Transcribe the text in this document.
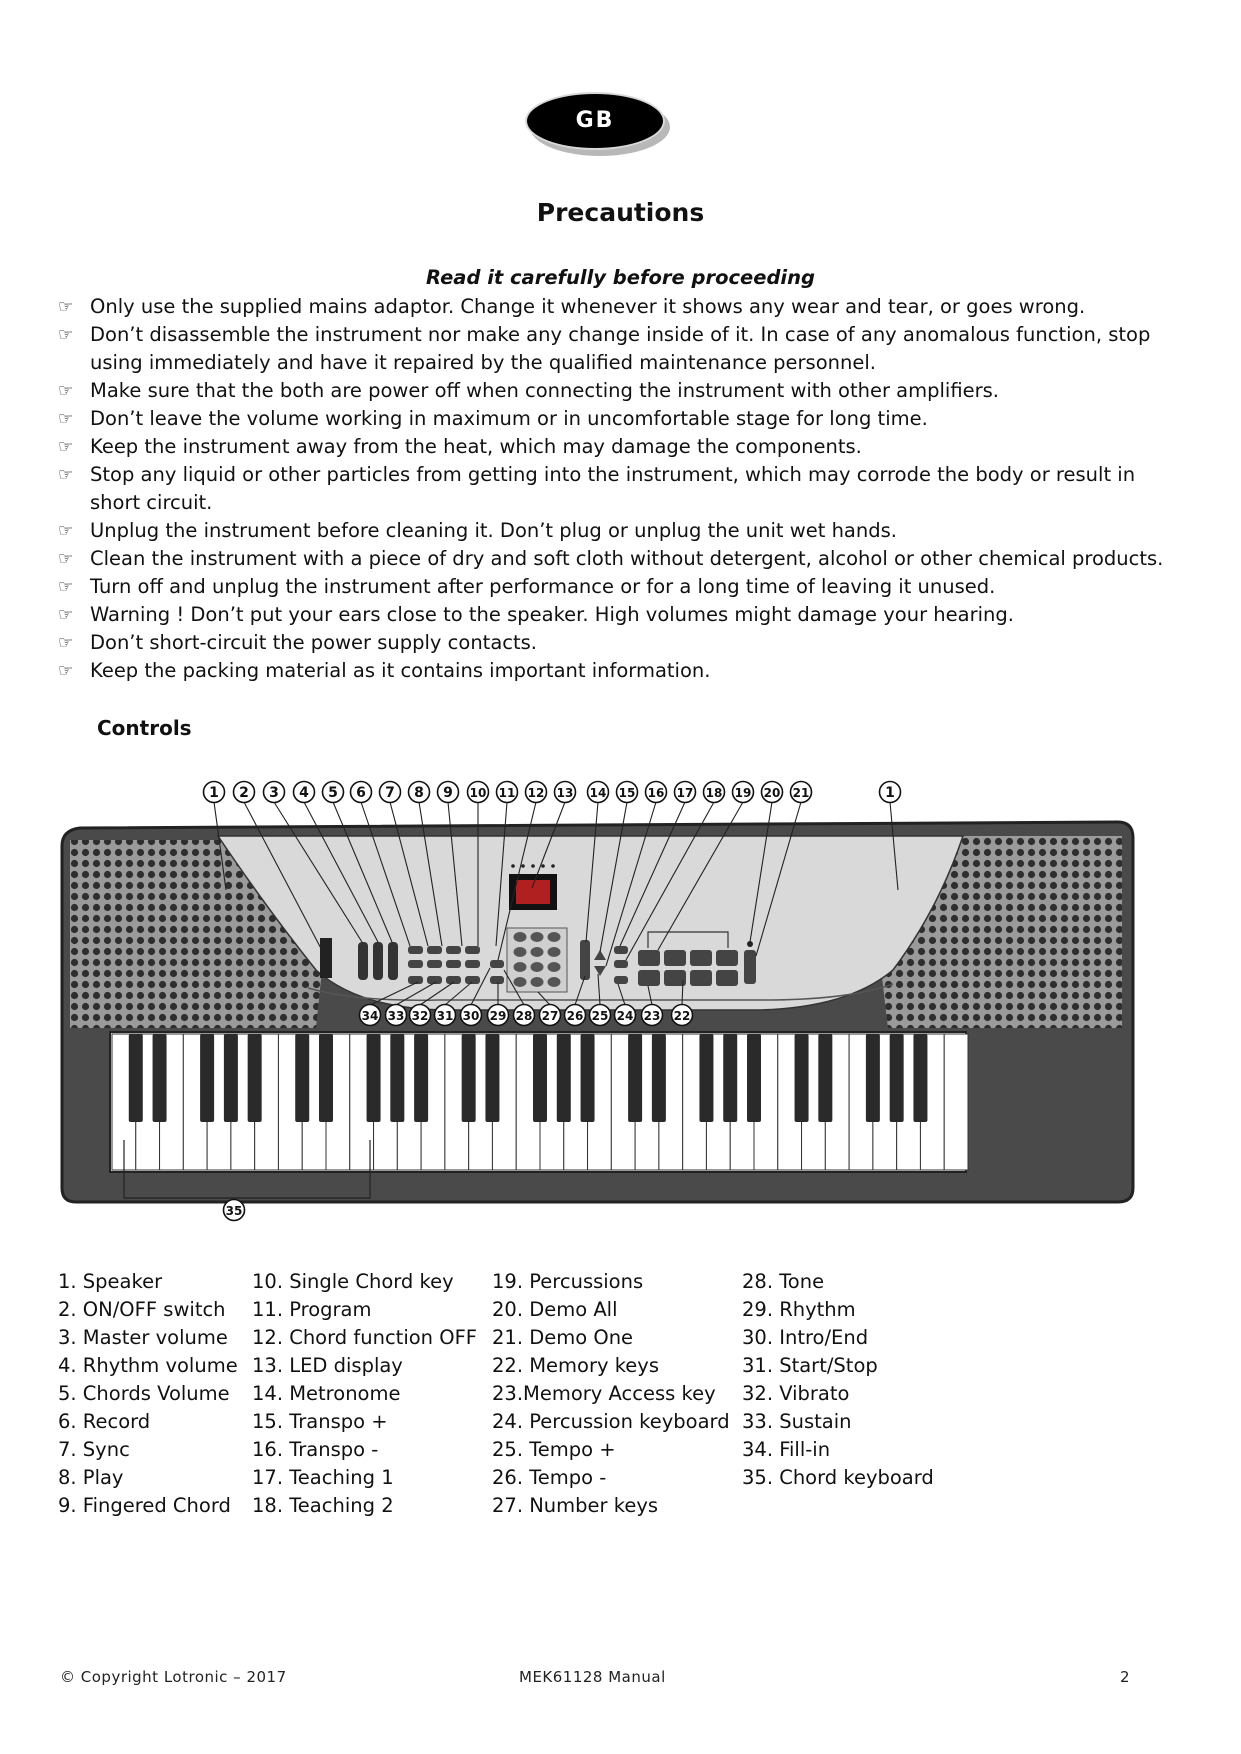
GB
Precautions
Read it carefully before proceeding
☞ Only use the supplied mains adaptor. Change it whenever it shows any wear and tear, or goes wrong.
☞ Don’t disassemble the instrument nor make any change inside of it. In case of any anomalous function, stop using immediately and have it repaired by the qualified maintenance personnel.
☞ Make sure that the both are power off when connecting the instrument with other amplifiers.
☞ Don’t leave the volume working in maximum or in uncomfortable stage for long time.
☞ Keep the instrument away from the heat, which may damage the components.
☞ Stop any liquid or other particles from getting into the instrument, which may corrode the body or result in short circuit.
☞ Unplug the instrument before cleaning it. Don’t plug or unplug the unit wet hands.
☞ Clean the instrument with a piece of dry and soft cloth without detergent, alcohol or other chemical products.
☞ Turn off and unplug the instrument after performance or for a long time of leaving it unused.
☞ Warning ! Don’t put your ears close to the speaker. High volumes might damage your hearing.
☞ Don’t short-circuit the power supply contacts.
☞ Keep the packing material as it contains important information.
Controls
1 2 3 4 5 6 7 8 9 10 11 12 13 14 15 16 17 18 19 20 21	1
34 33 32 31 30 29 28 27 26 25 24 23 22
35
1. Speaker
2. ON/OFF switch
3. Master volume
4. Rhythm volume
5. Chords Volume
6. Record
7. Sync
8. Play
9. Fingered Chord
10. Single Chord key
11. Program
12. Chord function OFF
13. LED display
14. Metronome
15. Transpo +
16. Transpo -
17. Teaching 1
18. Teaching 2
19. Percussions
20. Demo All
21. Demo One
22. Memory keys
23.Memory Access key
24. Percussion keyboard
25. Tempo +
26. Tempo -
27. Number keys
28. Tone
29. Rhythm
30. Intro/End
31. Start/Stop
32. Vibrato
33. Sustain
34. Fill-in
35. Chord keyboard
© Copyright Lotronic – 2017	MEK61128 Manual	2
